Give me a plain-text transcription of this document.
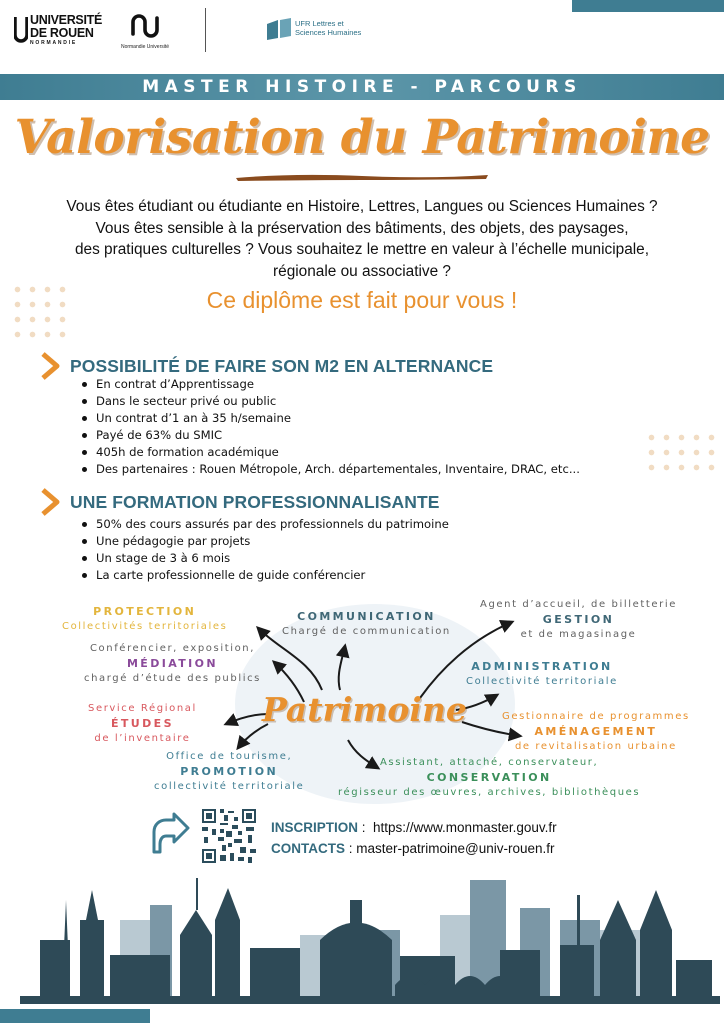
UNIVERSITÉ
DE ROUEN
NORMANDIE
Normandie Université
UFR Lettres et
Sciences Humaines
MASTER HISTOIRE - PARCOURS
Valorisation du Patrimoine
Vous êtes étudiant ou étudiante en Histoire, Lettres, Langues ou Sciences Humaines ?
Vous êtes sensible à la préservation des bâtiments, des objets, des paysages,
des pratiques culturelles ? Vous souhaitez le mettre en valeur à l’échelle municipale,
régionale ou associative ?
Ce diplôme est fait pour vous !
POSSIBILITÉ DE FAIRE SON M2 EN ALTERNANCE
En contrat d’Apprentissage
Dans le secteur privé ou public
Un contrat d’1 an à 35 h/semaine
Payé de 63% du SMIC
405h de formation académique
Des partenaires : Rouen Métropole, Arch. départementales, Inventaire, DRAC, etc...
UNE FORMATION PROFESSIONNALISANTE
50% des cours assurés par des professionnels du patrimoine
Une pédagogie par projets
Un stage de 3 à 6 mois
La carte professionnelle de guide conférencier
PROTECTION
Collectivités territoriales
COMMUNICATION
Chargé de communication
Agent d’accueil, de billetterie
GESTION
et de magasinage
Conférencier, exposition,
MÉDIATION
chargé d’étude des publics
ADMINISTRATION
Collectivité territoriale
Service Régional
ÉTUDES
de l’inventaire
Gestionnaire de programmes
AMÉNAGEMENT
de revitalisation urbaine
Office de tourisme,
PROMOTION
collectivité territoriale
Assistant, attaché, conservateur,
CONSERVATION
régisseur des œuvres, archives, bibliothèques
Patrimoine
INSCRIPTION :  https://www.monmaster.gouv.fr
CONTACTS : master-patrimoine@univ-rouen.fr
